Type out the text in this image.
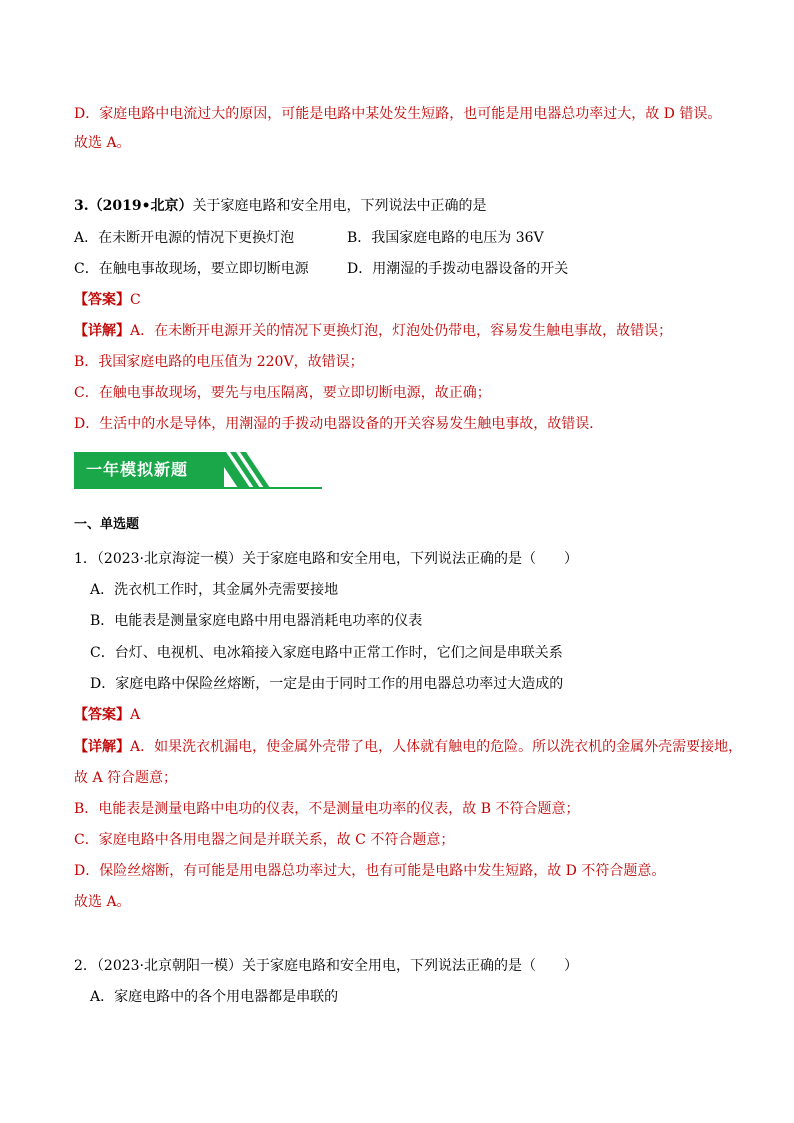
D．家庭电路中电流过大的原因，可能是电路中某处发生短路，也可能是用电器总功率过大，故 D 错误。
故选 A。
3.（2019•北京）关于家庭电路和安全用电，下列说法中正确的是
A．在未断开电源的情况下更换灯泡	B．我国家庭电路的电压为 36V
C．在触电事故现场，要立即切断电源	D．用潮湿的手拨动电器设备的开关
【答案】C
【详解】A．在未断开电源开关的情况下更换灯泡，灯泡处仍带电，容易发生触电事故，故错误；
B．我国家庭电路的电压值为 220V，故错误；
C．在触电事故现场，要先与电压隔离，要立即切断电源，故正确；
D．生活中的水是导体，用潮湿的手拨动电器设备的开关容易发生触电事故，故错误．
一年模拟新题
一、单选题
1．（2023·北京海淀一模）关于家庭电路和安全用电，下列说法正确的是（　　）
A．洗衣机工作时，其金属外壳需要接地
B．电能表是测量家庭电路中用电器消耗电功率的仪表
C．台灯、电视机、电冰箱接入家庭电路中正常工作时，它们之间是串联关系
D．家庭电路中保险丝熔断，一定是由于同时工作的用电器总功率过大造成的
【答案】A
【详解】A．如果洗衣机漏电，使金属外壳带了电，人体就有触电的危险。所以洗衣机的金属外壳需要接地，
故 A 符合题意；
B．电能表是测量电路中电功的仪表，不是测量电功率的仪表，故 B 不符合题意；
C．家庭电路中各用电器之间是并联关系，故 C 不符合题意；
D．保险丝熔断，有可能是用电器总功率过大，也有可能是电路中发生短路，故 D 不符合题意。
故选 A。
2．（2023·北京朝阳一模）关于家庭电路和安全用电，下列说法正确的是（　　）
A．家庭电路中的各个用电器都是串联的
